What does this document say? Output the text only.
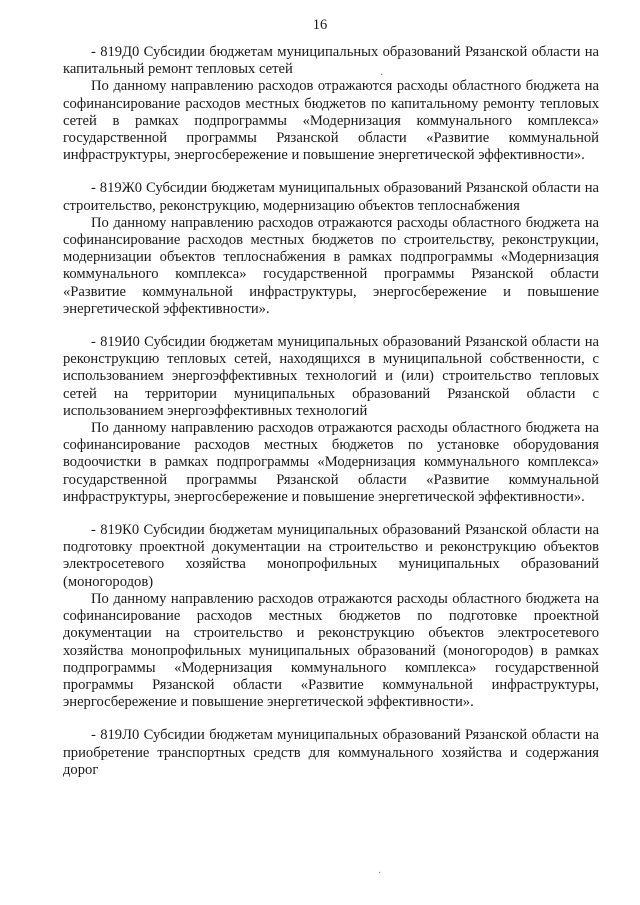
16

- 819Д0 Субсидии бюджетам муниципальных образований Рязанской области на капитальный ремонт тепловых сетей

По данному направлению расходов отражаются расходы областного бюджета на софинансирование расходов местных бюджетов по капитальному ремонту тепловых сетей в рамках подпрограммы «Модернизация коммунального комплекса» государственной программы Рязанской области «Развитие коммунальной инфраструктуры, энергосбережение и повышение энергетической эффективности».

- 819Ж0 Субсидии бюджетам муниципальных образований Рязанской области на строительство, реконструкцию, модернизацию объектов теплоснабжения

По данному направлению расходов отражаются расходы областного бюджета на софинансирование расходов местных бюджетов по строительству, реконструкции, модернизации объектов теплоснабжения в рамках подпрограммы «Модернизация коммунального комплекса» государственной программы Рязанской области «Развитие коммунальной инфраструктуры, энергосбережение и повышение энергетической эффективности».

- 819И0 Субсидии бюджетам муниципальных образований Рязанской области на реконструкцию тепловых сетей, находящихся в муниципальной собственности, с использованием энергоэффективных технологий и (или) строительство тепловых сетей на территории муниципальных образований Рязанской области с использованием энергоэффективных технологий

По данному направлению расходов отражаются расходы областного бюджета на софинансирование расходов местных бюджетов по установке оборудования водоочистки в рамках подпрограммы «Модернизация коммунального комплекса» государственной программы Рязанской области «Развитие коммунальной инфраструктуры, энергосбережение и повышение энергетической эффективности».

- 819К0 Субсидии бюджетам муниципальных образований Рязанской области на подготовку проектной документации на строительство и реконструкцию объектов электросетевого хозяйства монопрофильных муниципальных образований (моногородов)

По данному направлению расходов отражаются расходы областного бюджета на софинансирование расходов местных бюджетов по подготовке проектной документации на строительство и реконструкцию объектов электросетевого хозяйства монопрофильных муниципальных образований (моногородов) в рамках подпрограммы «Модернизация коммунального комплекса» государственной программы Рязанской области «Развитие коммунальной инфраструктуры, энергосбережение и повышение энергетической эффективности».

- 819Л0 Субсидии бюджетам муниципальных образований Рязанской области на приобретение транспортных средств для коммунального хозяйства и содержания дорог

·
·
